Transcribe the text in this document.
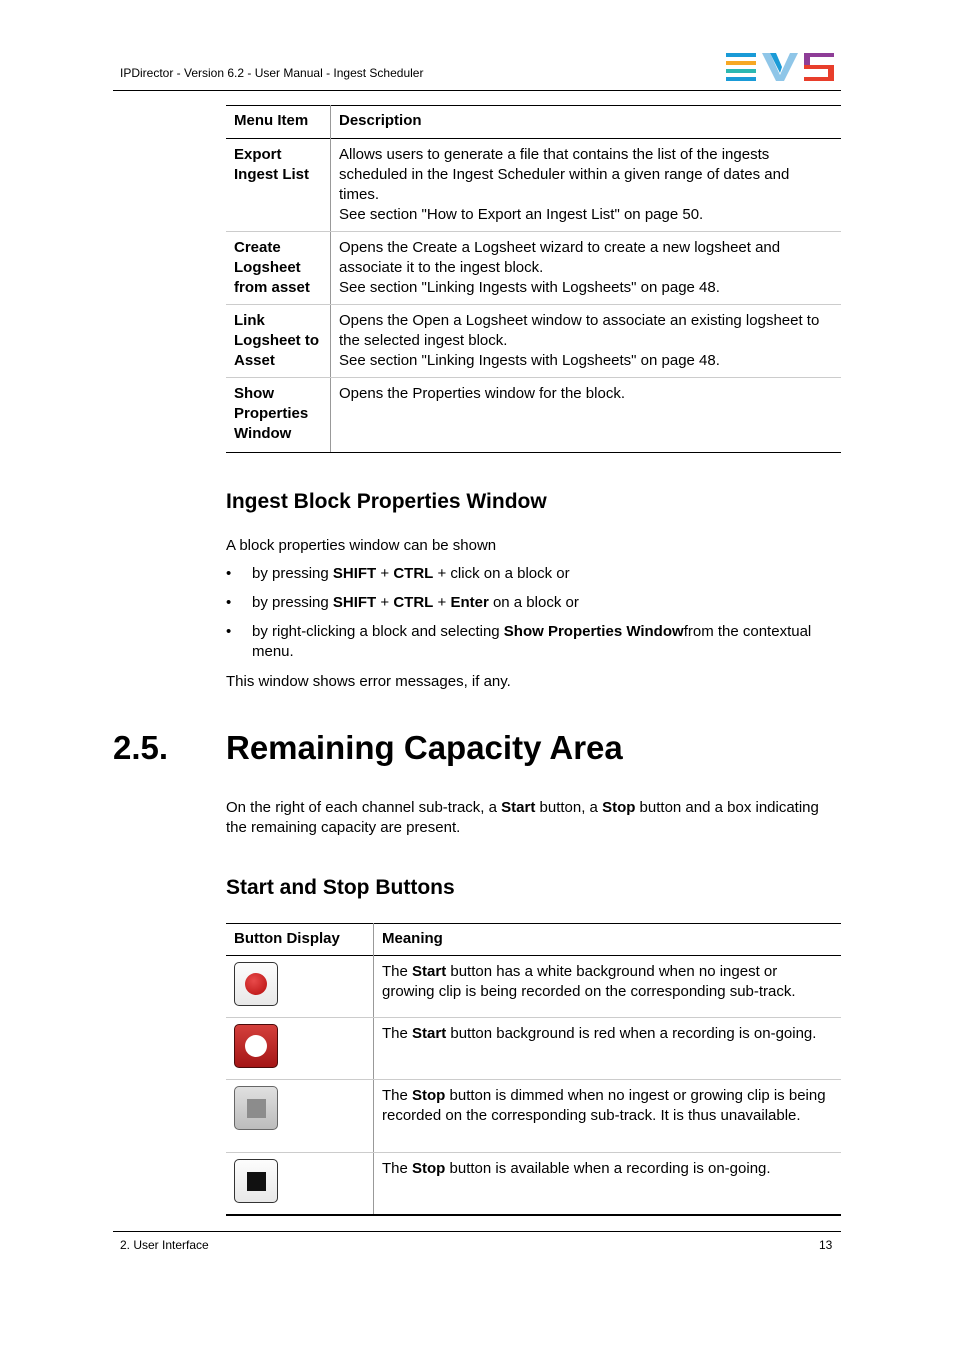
IPDirector - Version 6.2 - User Manual - Ingest Scheduler
Menu Item	Description
Export Ingest List	Allows users to generate a file that contains the list of the ingests scheduled in the Ingest Scheduler within a given range of dates and times.
See section "How to Export an Ingest List" on page 50.

Create Logsheet from asset	Opens the Create a Logsheet wizard to create a new logsheet and associate it to the ingest block.
See section "Linking Ingests with Logsheets" on page 48.

Link Logsheet to Asset	Opens the Open a Logsheet window to associate an existing logsheet to the selected ingest block.
See section "Linking Ingests with Logsheets" on page 48.

Show Properties Window	Opens the Properties window for the block.
Ingest Block Properties Window

A block properties window can be shown

• by pressing SHIFT + CTRL + click on a block or
• by pressing SHIFT + CTRL + Enter on a block or
• by right-clicking a block and selecting Show Properties Windowfrom the contextual menu.

This window shows error messages, if any.

2.5. Remaining Capacity Area

On the right of each channel sub-track, a Start button, a Stop button and a box indicating the remaining capacity are present.

Start and Stop Buttons
Button Display	Meaning

	The Start button has a white background when no ingest or growing clip is being recorded on the corresponding sub-track.

	The Start button background is red when a recording is on-going.

	The Stop button is dimmed when no ingest or growing clip is being recorded on the corresponding sub-track. It is thus unavailable.

	The Stop button is available when a recording is on-going.
2. User Interface	13
